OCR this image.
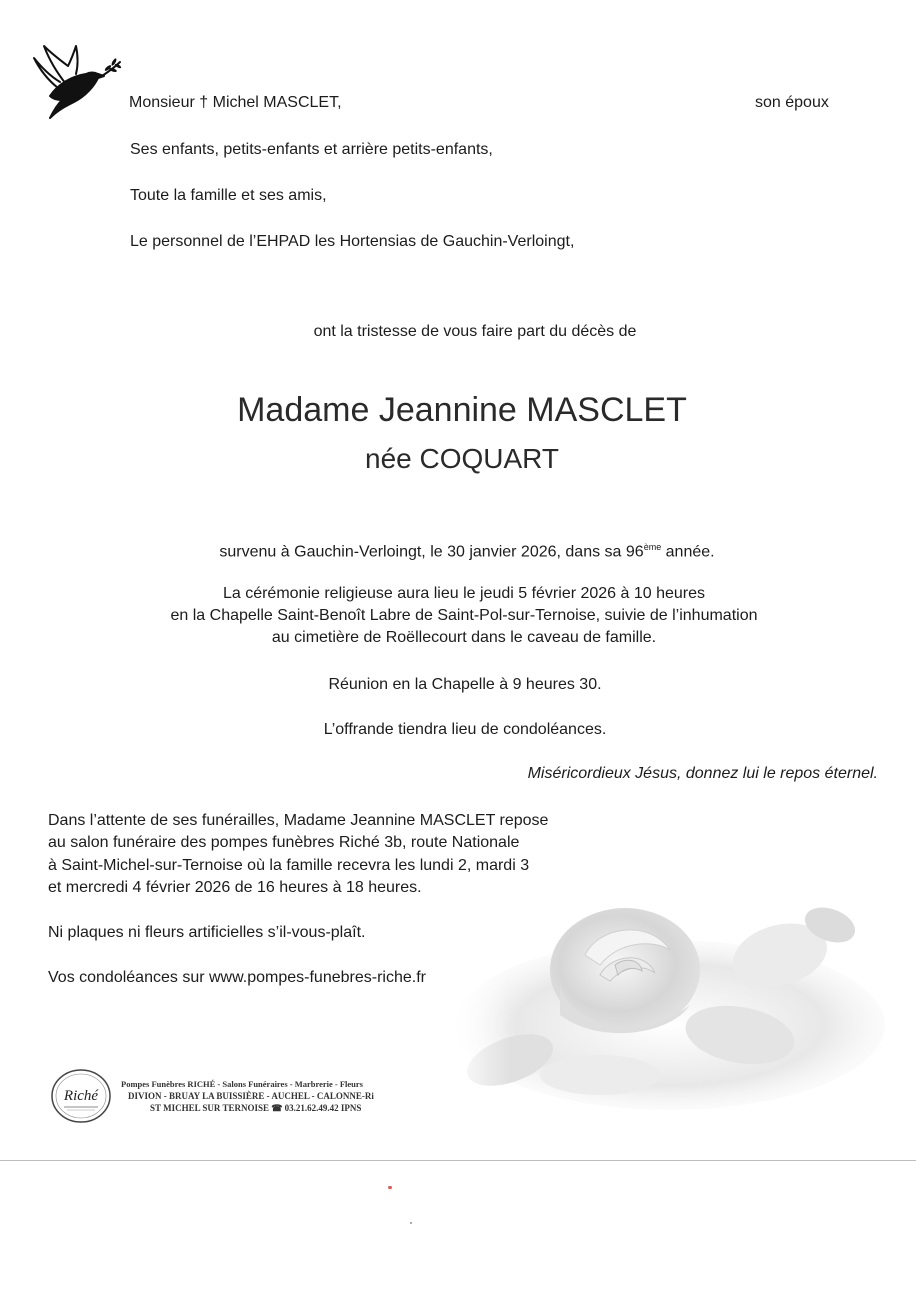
Monsieur † Michel MASCLET,	son époux
Ses enfants, petits-enfants et arrière petits-enfants,
Toute la famille et ses amis,
Le personnel de l’EHPAD les Hortensias de Gauchin-Verloingt,
ont la tristesse de vous faire part du décès de
Madame Jeannine MASCLET
née COQUART
survenu à Gauchin-Verloingt, le 30 janvier 2026, dans sa 96ème année.
La cérémonie religieuse aura lieu le jeudi 5 février 2026 à 10 heures
en la Chapelle Saint-Benoît Labre de Saint-Pol-sur-Ternoise, suivie de l’inhumation
au cimetière de Roëllecourt dans le caveau de famille.
Réunion en la Chapelle à 9 heures 30.
L’offrande tiendra lieu de condoléances.
Miséricordieux Jésus, donnez lui le repos éternel.
Dans l’attente de ses funérailles, Madame Jeannine MASCLET repose
au salon funéraire des pompes funèbres Riché 3b, route Nationale
à Saint-Michel-sur-Ternoise où la famille recevra les lundi 2, mardi 3
et mercredi 4 février 2026 de 16 heures à 18 heures.
Ni plaques ni fleurs artificielles s’il-vous-plaît.
Vos condoléances sur www.pompes-funebres-riche.fr
Riché
Pompes Funèbres RICHÉ - Salons Funéraires - Marbrerie - Fleurs
DIVION - BRUAY LA BUISSIÈRE - AUCHEL - CALONNE-Ri
ST MICHEL SUR TERNOISE ☎ 03.21.62.49.42 IPNS
